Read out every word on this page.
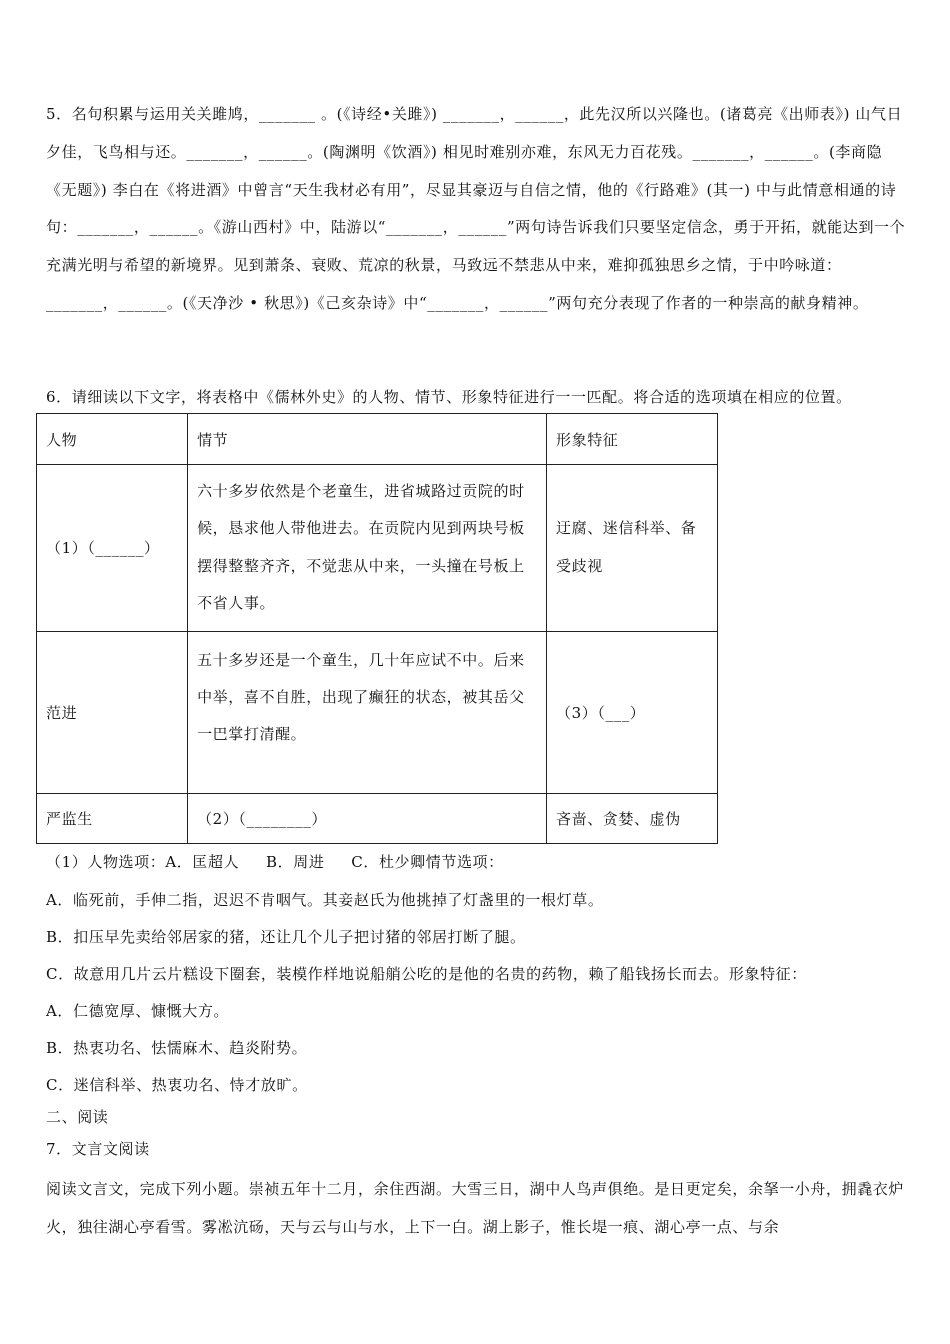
5．名句积累与运用关关雎鸠，_______ 。(《诗经•关雎》) _______，______，此先汉所以兴隆也。(诸葛亮《出师表》) 山气日夕佳，飞鸟相与还。_______，______。(陶渊明《饮酒》) 相见时难别亦难，东风无力百花残。_______，______。(李商隐《无题》) 李白在《将进酒》中曾言“天生我材必有用”，尽显其豪迈与自信之情，他的《行路难》(其一) 中与此情意相通的诗句：_______，______。《游山西村》中，陆游以“_______，______”两句诗告诉我们只要坚定信念，勇于开拓，就能达到一个充满光明与希望的新境界。见到萧条、衰败、荒凉的秋景，马致远不禁悲从中来，难抑孤独思乡之情，于中吟咏道：_______，______。(《天净沙 • 秋思》)《己亥杂诗》中“_______，______”两句充分表现了作者的一种崇高的献身精神。

6．请细读以下文字，将表格中《儒林外史》的人物、情节、形象特征进行一一匹配。将合适的选项填在相应的位置。

人物	情节	形象特征
（1）（______）	六十多岁依然是个老童生，进省城路过贡院的时候，恳求他人带他进去。在贡院内见到两块号板摆得整整齐齐，不觉悲从中来，一头撞在号板上不省人事。	迂腐、迷信科举、备受歧视
范进	五十多岁还是一个童生，几十年应试不中。后来中举，喜不自胜，出现了癫狂的状态，被其岳父一巴掌打清醒。	（3）（___）
严监生	（2）（________）	吝啬、贪婪、虚伪

（1）人物选项：A．匡超人     B．周进     C．杜少卿情节选项：

A．临死前，手伸二指，迟迟不肯咽气。其妾赵氏为他挑掉了灯盏里的一根灯草。

B．扣压早先卖给邻居家的猪，还让几个儿子把讨猪的邻居打断了腿。

C．故意用几片云片糕设下圈套，装模作样地说船艄公吃的是他的名贵的药物，赖了船钱扬长而去。形象特征：

A．仁德宽厚、慷慨大方。

B．热衷功名、怯懦麻木、趋炎附势。

C．迷信科举、热衷功名、恃才放旷。

二、阅读

7．文言文阅读

阅读文言文，完成下列小题。崇祯五年十二月，余住西湖。大雪三日，湖中人鸟声俱绝。是日更定矣，余拏一小舟，拥毳衣炉火，独往湖心亭看雪。雾凇沆砀，天与云与山与水，上下一白。湖上影子，惟长堤一痕、湖心亭一点、与余
